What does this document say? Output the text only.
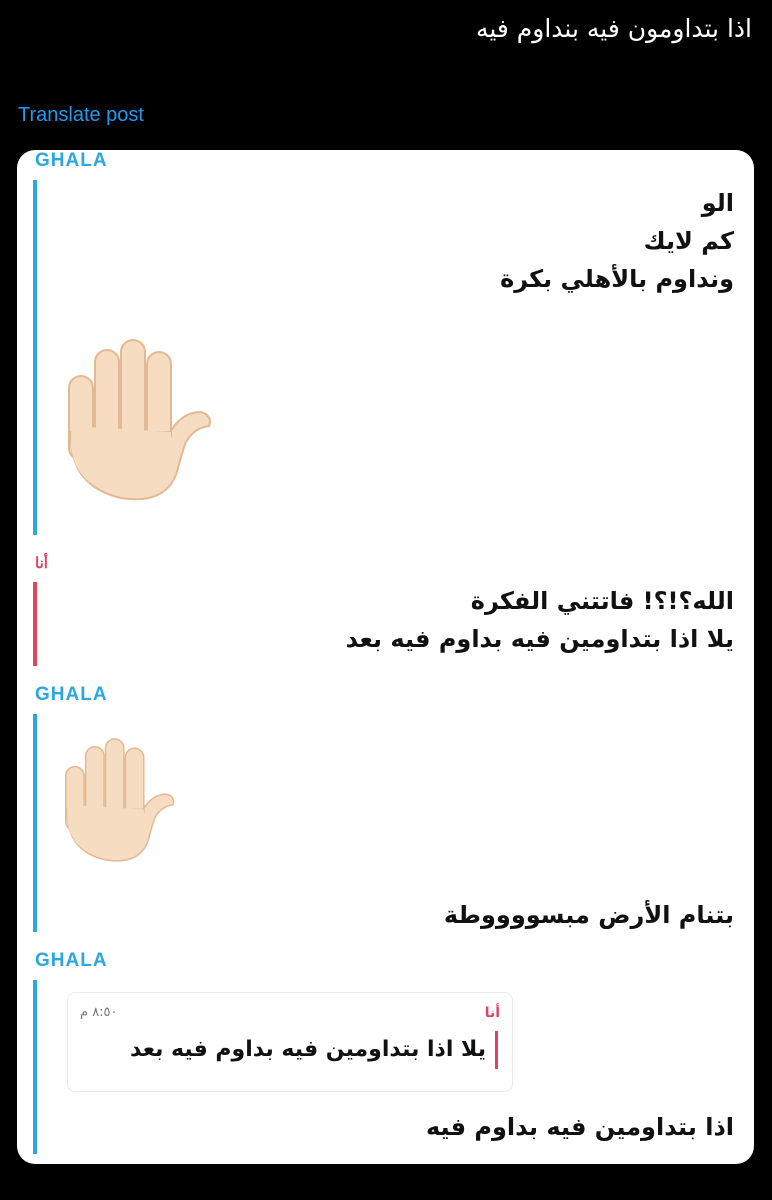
اذا بتداومون فيه بنداوم فيه
Translate post
GHALA
الو
كم لايك
ونداوم بالأهلي بكرة
أنا
الله؟!؟! فاتتني الفكرة
يلا اذا بتداومين فيه بداوم فيه بعد
GHALA
بتنام الأرض مبسووووطة
GHALA
أنا
٨:٥٠ م
يلا اذا بتداومين فيه بداوم فيه بعد
اذا بتداومين فيه بداوم فيه
